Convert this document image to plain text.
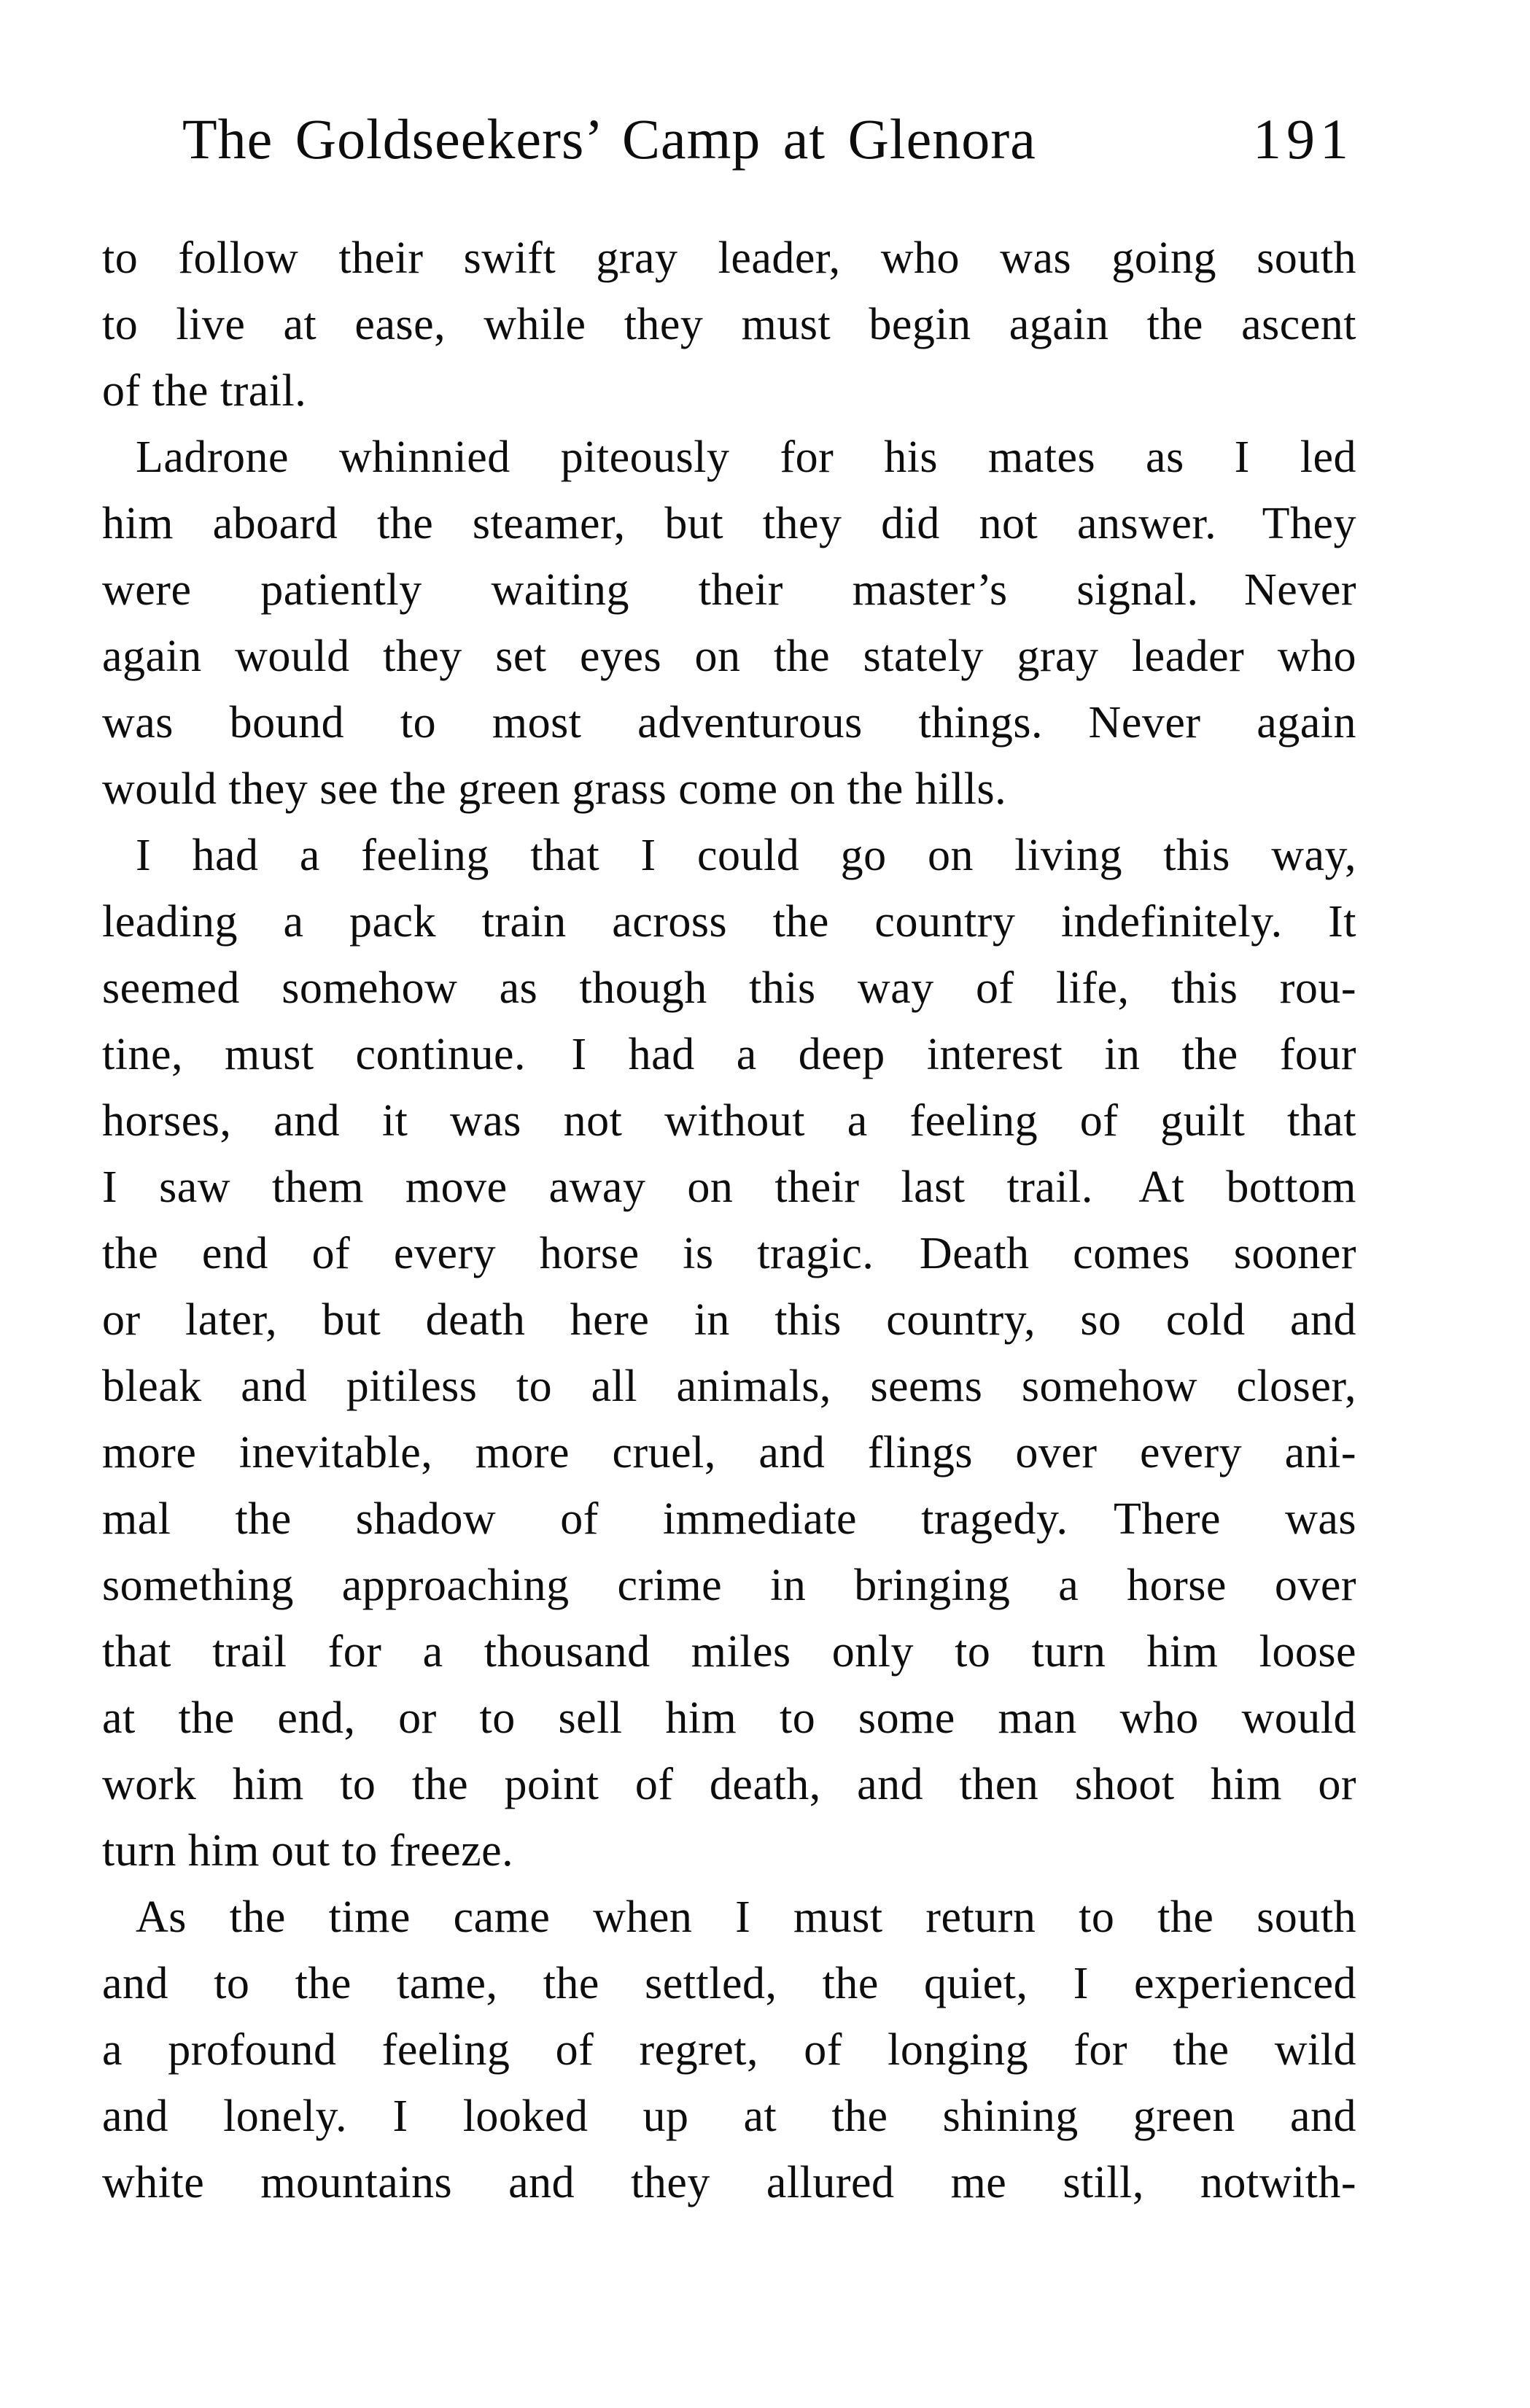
The Goldseekers’ Camp at Glenora	191
to follow their swift gray leader, who was going south
to live at ease, while they must begin again the ascent
of the trail.
Ladrone whinnied piteously for his mates as I led
him aboard the steamer, but they did not answer. They
were patiently waiting their master’s signal. Never
again would they set eyes on the stately gray leader who
was bound to most adventurous things. Never again
would they see the green grass come on the hills.
I had a feeling that I could go on living this way,
leading a pack train across the country indefinitely. It
seemed somehow as though this way of life, this rou-
tine, must continue. I had a deep interest in the four
horses, and it was not without a feeling of guilt that
I saw them move away on their last trail. At bottom
the end of every horse is tragic. Death comes sooner
or later, but death here in this country, so cold and
bleak and pitiless to all animals, seems somehow closer,
more inevitable, more cruel, and flings over every ani-
mal the shadow of immediate tragedy. There was
something approaching crime in bringing a horse over
that trail for a thousand miles only to turn him loose
at the end, or to sell him to some man who would
work him to the point of death, and then shoot him or
turn him out to freeze.
As the time came when I must return to the south
and to the tame, the settled, the quiet, I experienced
a profound feeling of regret, of longing for the wild
and lonely. I looked up at the shining green and
white mountains and they allured me still, notwith-
